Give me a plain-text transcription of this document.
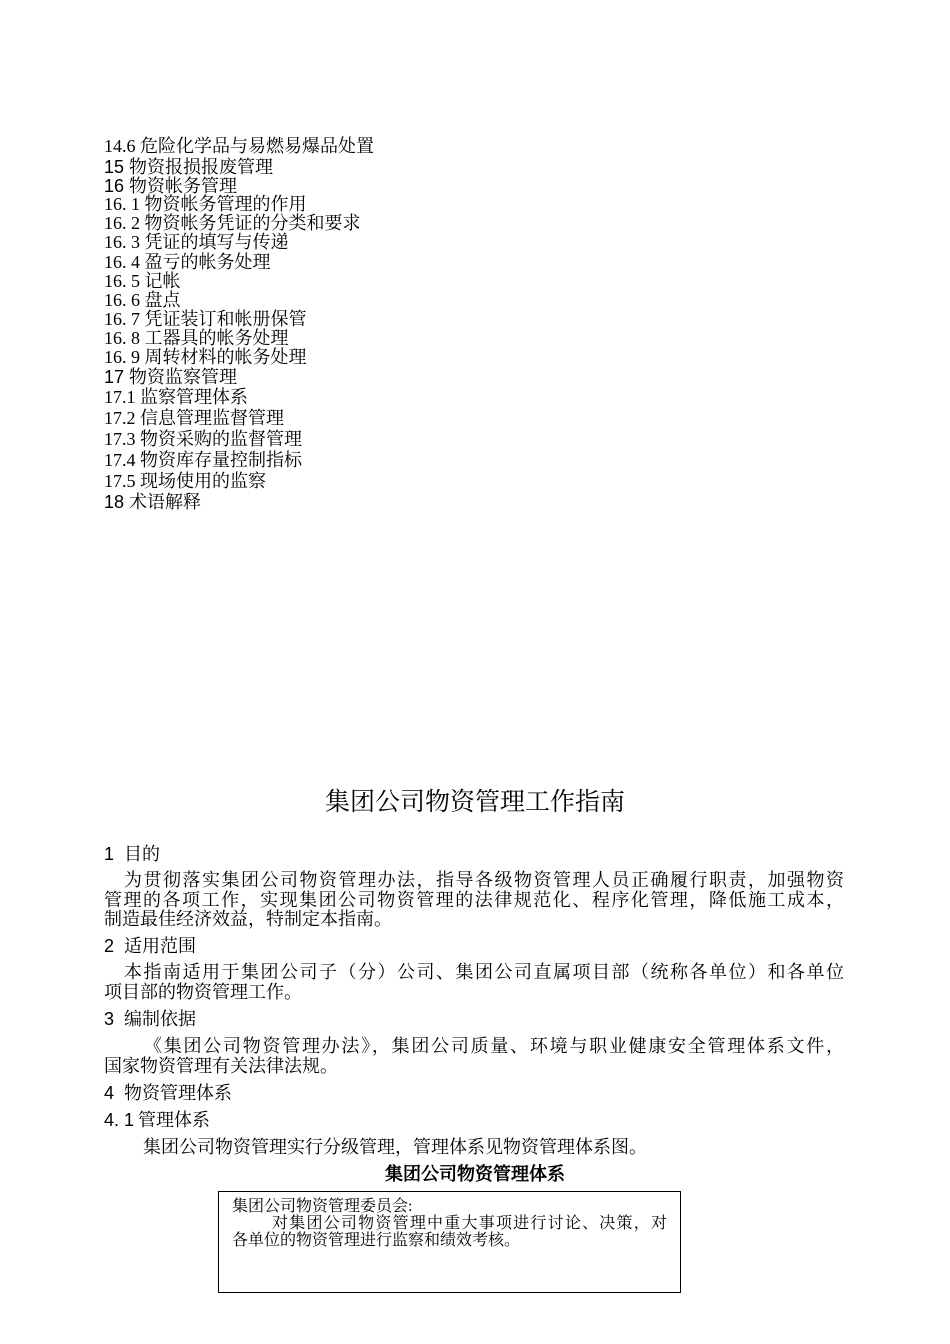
14.6 危险化学品与易燃易爆品处置
15 物资报损报废管理
16 物资帐务管理
16. 1 物资帐务管理的作用
16. 2 物资帐务凭证的分类和要求
16. 3 凭证的填写与传递
16. 4 盈亏的帐务处理
16. 5 记帐
16. 6 盘点
16. 7 凭证装订和帐册保管
16. 8 工器具的帐务处理
16. 9 周转材料的帐务处理
17 物资监察管理
17.1 监察管理体系
17.2 信息管理监督管理
17.3 物资采购的监督管理
17.4 物资库存量控制指标
17.5 现场使用的监察
18 术语解释
集团公司物资管理工作指南
1 目的
为贯彻落实集团公司物资管理办法，指导各级物资管理人员正确履行职责，加强物资
管理的各项工作，实现集团公司物资管理的法律规范化、程序化管理，降低施工成本，
制造最佳经济效益，特制定本指南。
2 适用范围
本指南适用于集团公司子（分）公司、集团公司直属项目部（统称各单位）和各单位
项目部的物资管理工作。
3 编制依据
《集团公司物资管理办法》，集团公司质量、环境与职业健康安全管理体系文件，
国家物资管理有关法律法规。
4 物资管理体系
4. 1 管理体系
集团公司物资管理实行分级管理，管理体系见物资管理体系图。
集团公司物资管理体系
集团公司物资管理委员会:
对集团公司物资管理中重大事项进行讨论、决策，对
各单位的物资管理进行监察和绩效考核。
